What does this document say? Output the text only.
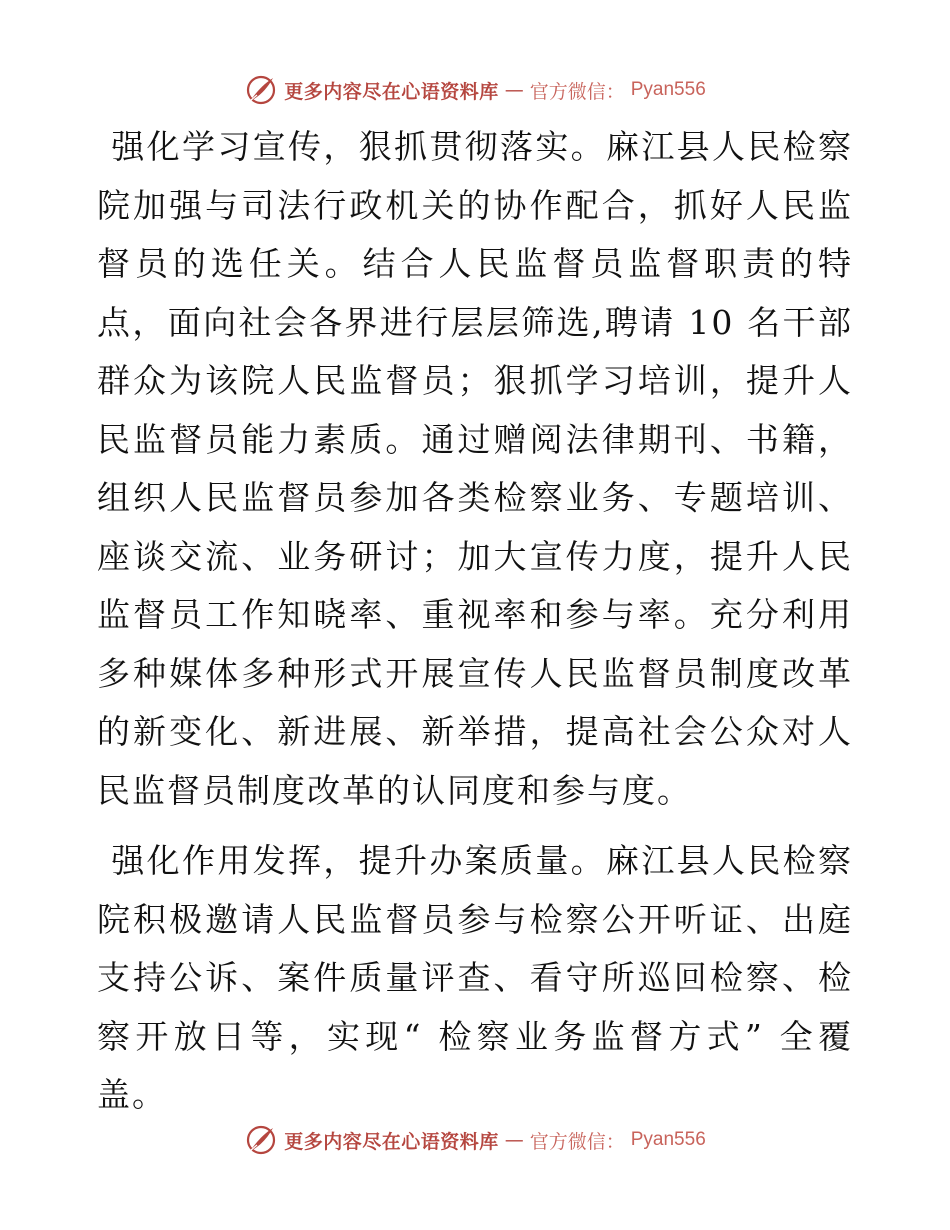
更多内容尽在心语资料库 — 官方微信： Pyan556

强化学习宣传，狠抓贯彻落实。麻江县人民检察院加强与司法行政机关的协作配合，抓好人民监督员的选任关。结合人民监督员监督职责的特点，面向社会各界进行层层筛选,聘请 10 名干部群众为该院人民监督员；狠抓学习培训，提升人民监督员能力素质。通过赠阅法律期刊、书籍，组织人民监督员参加各类检察业务、专题培训、座谈交流、业务研讨；加大宣传力度，提升人民监督员工作知晓率、重视率和参与率。充分利用多种媒体多种形式开展宣传人民监督员制度改革的新变化、新进展、新举措，提高社会公众对人民监督员制度改革的认同度和参与度。

强化作用发挥，提升办案质量。麻江县人民检察院积极邀请人民监督员参与检察公开听证、出庭支持公诉、案件质量评查、看守所巡回检察、检察开放日等，实现“ 检察业务监督方式” 全覆盖。

更多内容尽在心语资料库 — 官方微信： Pyan556
